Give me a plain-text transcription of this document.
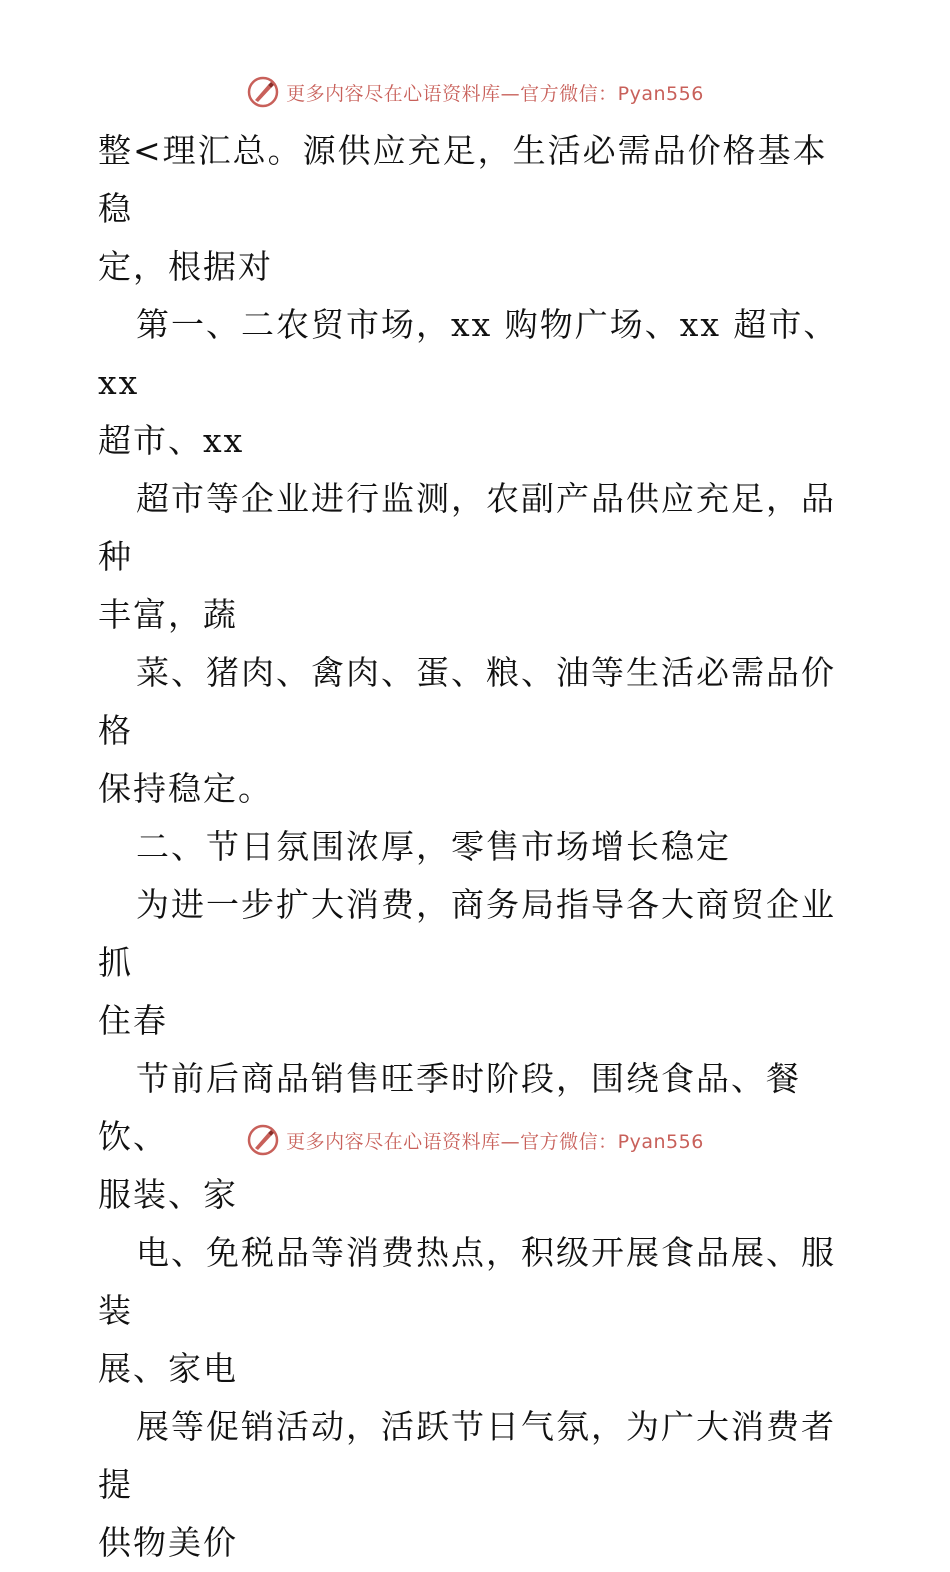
更多内容尽在心语资料库—官方微信：Pyan556

整<理汇总。源供应充足，生活必需品价格基本稳
定，根据对

第一、二农贸市场，xx 购物广场、xx 超市、xx
超市、xx

超市等企业进行监测，农副产品供应充足，品种
丰富，蔬

菜、猪肉、禽肉、蛋、粮、油等生活必需品价格
保持稳定。

二、节日氛围浓厚，零售市场增长稳定

为进一步扩大消费，商务局指导各大商贸企业抓
住春

节前后商品销售旺季时阶段，围绕食品、餐饮、
服装、家

电、免税品等消费热点，积级开展食品展、服装
展、家电

展等促销活动，活跃节日气氛，为广大消费者提
供物美价

更多内容尽在心语资料库—官方微信：Pyan556
